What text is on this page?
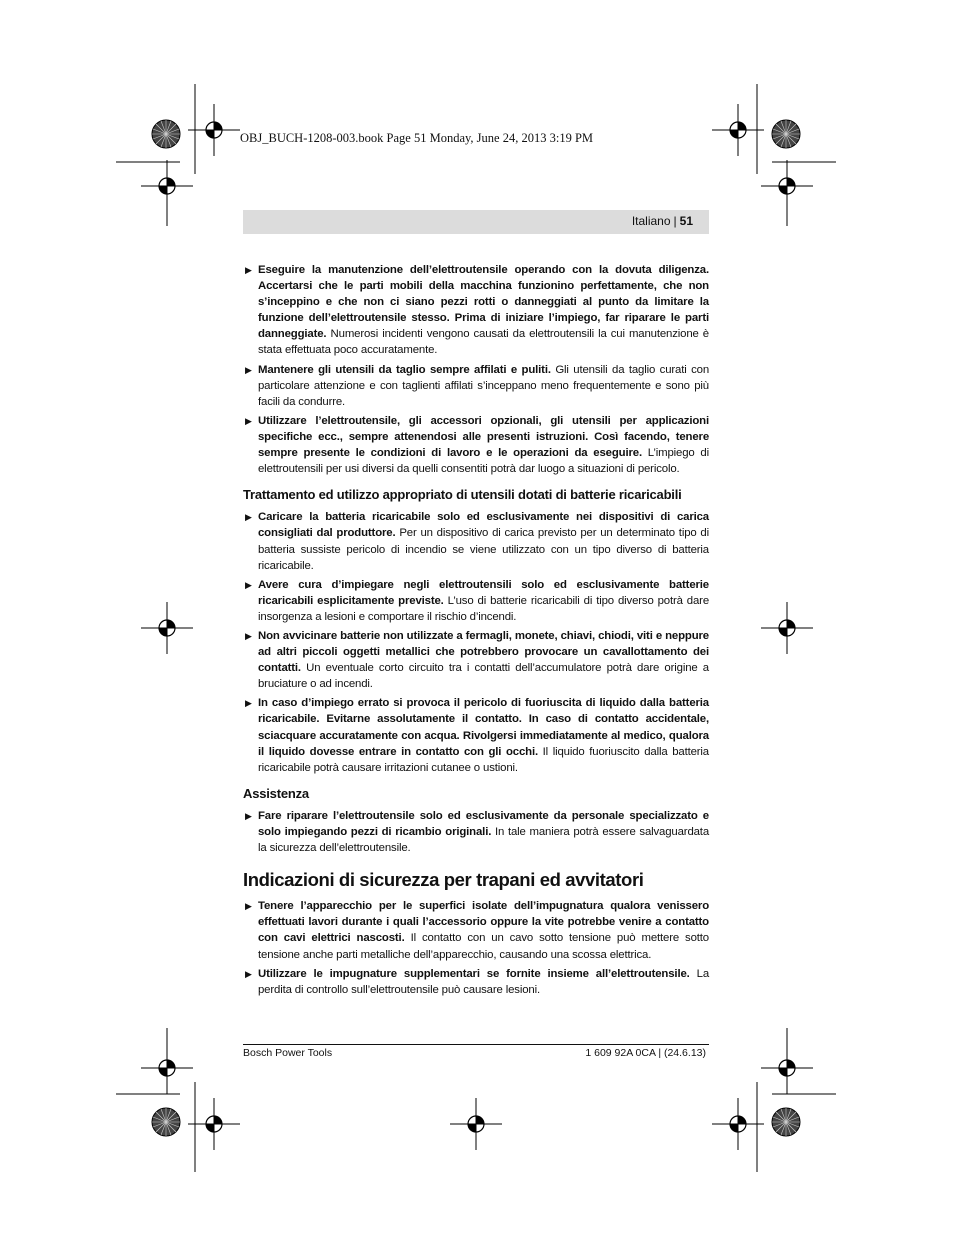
OBJ_BUCH-1208-003.book Page 51 Monday, June 24, 2013 3:19 PM
Italiano | 51
▶ Eseguire la manutenzione dell’elettroutensile operando con la dovuta diligenza. Accertarsi che le parti mobili della macchina funzionino perfettamente, che non s’inceppino e che non ci siano pezzi rotti o danneggiati al punto da limitare la funzione dell’elettroutensile stesso. Prima di iniziare l’impiego, far riparare le parti danneggiate. Numerosi incidenti vengono causati da elettroutensili la cui manutenzione è stata effettuata poco accuratamente.
▶ Mantenere gli utensili da taglio sempre affilati e puliti. Gli utensili da taglio curati con particolare attenzione e con taglienti affilati s’inceppano meno frequentemente e sono più facili da condurre.
▶ Utilizzare l’elettroutensile, gli accessori opzionali, gli utensili per applicazioni specifiche ecc., sempre attenendosi alle presenti istruzioni. Così facendo, tenere sempre presente le condizioni di lavoro e le operazioni da eseguire. L’impiego di elettroutensili per usi diversi da quelli consentiti potrà dar luogo a situazioni di pericolo.
Trattamento ed utilizzo appropriato di utensili dotati di batterie ricaricabili
▶ Caricare la batteria ricaricabile solo ed esclusivamente nei dispositivi di carica consigliati dal produttore. Per un dispositivo di carica previsto per un determinato tipo di batteria sussiste pericolo di incendio se viene utilizzato con un tipo diverso di batteria ricaricabile.
▶ Avere cura d’impiegare negli elettroutensili solo ed esclusivamente batterie ricaricabili esplicitamente previste. L’uso di batterie ricaricabili di tipo diverso potrà dare insorgenza a lesioni e comportare il rischio d’incendi.
▶ Non avvicinare batterie non utilizzate a fermagli, monete, chiavi, chiodi, viti e neppure ad altri piccoli oggetti metallici che potrebbero provocare un cavallottamento dei contatti. Un eventuale corto circuito tra i contatti dell’accumulatore potrà dare origine a bruciature o ad incendi.
▶ In caso d’impiego errato si provoca il pericolo di fuoriuscita di liquido dalla batteria ricaricabile. Evitarne assolutamente il contatto. In caso di contatto accidentale, sciacquare accuratamente con acqua. Rivolgersi immediatamente al medico, qualora il liquido dovesse entrare in contatto con gli occhi. Il liquido fuoriuscito dalla batteria ricaricabile potrà causare irritazioni cutanee o ustioni.
Assistenza
▶ Fare riparare l’elettroutensile solo ed esclusivamente da personale specializzato e solo impiegando pezzi di ricambio originali. In tale maniera potrà essere salvaguardata la sicurezza dell’elettroutensile.
Indicazioni di sicurezza per trapani ed avvitatori
▶ Tenere l’apparecchio per le superfici isolate dell’impugnatura qualora venissero effettuati lavori durante i quali l’accessorio oppure la vite potrebbe venire a contatto con cavi elettrici nascosti. Il contatto con un cavo sotto tensione può mettere sotto tensione anche parti metalliche dell’apparecchio, causando una scossa elettrica.
▶ Utilizzare le impugnature supplementari se fornite insieme all’elettroutensile. La perdita di controllo sull’elettroutensile può causare lesioni.
Bosch Power Tools	1 609 92A 0CA | (24.6.13)
